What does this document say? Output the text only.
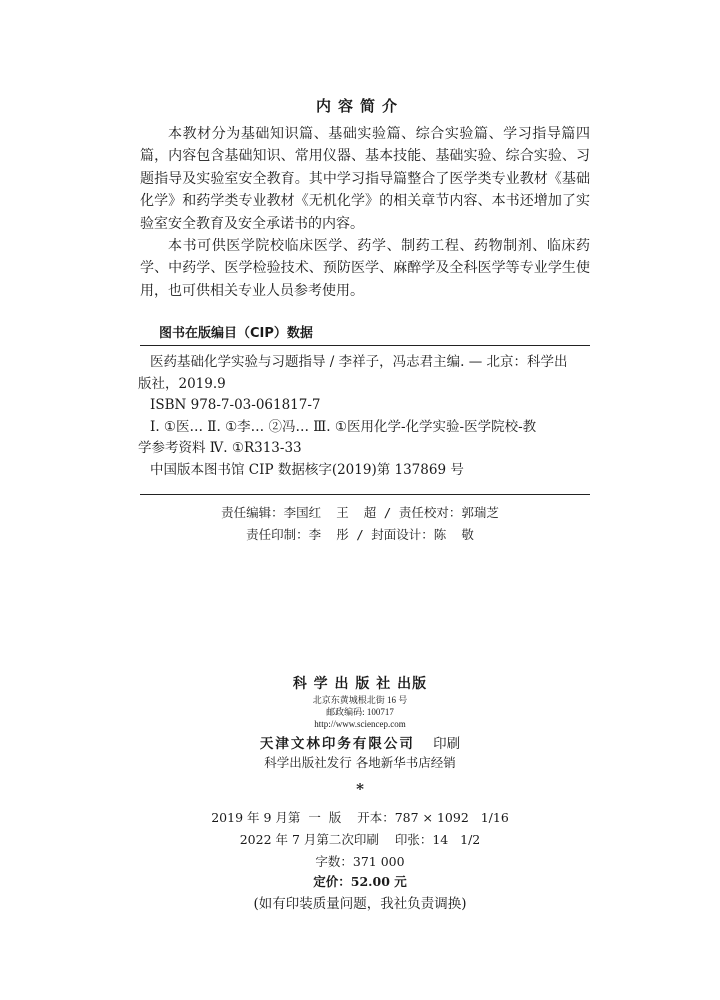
内容简介

本教材分为基础知识篇、基础实验篇、综合实验篇、学习指导篇四篇，内容包含基础知识、常用仪器、基本技能、基础实验、综合实验、习题指导及实验室安全教育。其中学习指导篇整合了医学类专业教材《基础化学》和药学类专业教材《无机化学》的相关章节内容、本书还增加了实验室安全教育及安全承诺书的内容。

本书可供医学院校临床医学、药学、制药工程、药物制剂、临床药学、中药学、医学检验技术、预防医学、麻醉学及全科医学等专业学生使用，也可供相关专业人员参考使用。

图书在版编目（CIP）数据
医药基础化学实验与习题指导 / 李祥子，冯志君主编. — 北京：科学出
版社，2019.9
ISBN 978-7-03-061817-7
Ⅰ. ①医… Ⅱ. ①李… ②冯… Ⅲ. ①医用化学-化学实验-医学院校-教
学参考资料 Ⅳ. ①R313-33
中国版本图书馆 CIP 数据核字(2019)第 137869 号
责任编辑：李国红  王  超 / 责任校对：郭瑞芝
责任印制：李  彤 / 封面设计：陈  敬
科 学 出 版 社 出版
北京东黄城根北街 16 号
邮政编码: 100717
http://www.sciencep.com
天津文林印务有限公司 印刷
科学出版社发行 各地新华书店经销
*
2019 年 9 月第  一  版    开本：787 × 1092   1/16
2022 年 7 月第二次印刷    印张：14   1/2
字数：371 000
定价：52.00 元
(如有印装质量问题，我社负责调换)
